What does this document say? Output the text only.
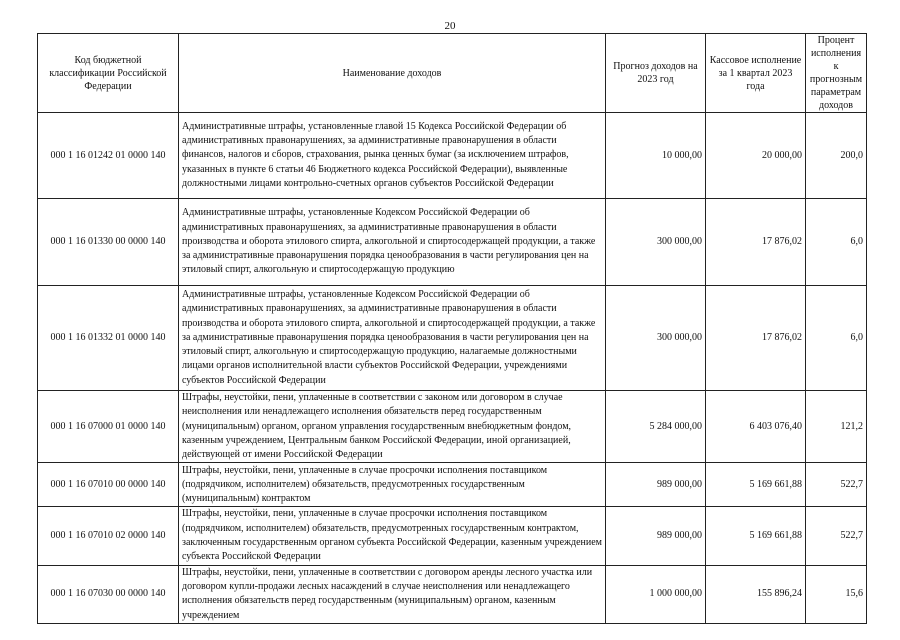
20
Код бюджетной классификации Российской Федерации	Наименование доходов	Прогноз доходов на 2023 год	Кассовое исполнение за 1 квартал 2023 года	Процент исполнения к прогнозным параметрам доходов
000 1 16 01242 01 0000 140	Административные штрафы, установленные главой 15 Кодекса Российской Федерации об административных правонарушениях, за административные правонарушения в области финансов, налогов и сборов, страхования, рынка ценных бумаг (за исключением штрафов, указанных в пункте 6 статьи 46 Бюджетного кодекса Российской Федерации), выявленные должностными лицами контрольно-счетных органов субъектов Российской Федерации	10 000,00	20 000,00	200,0
000 1 16 01330 00 0000 140	Административные штрафы, установленные Кодексом Российской Федерации об административных правонарушениях, за административные правонарушения в области производства и оборота этилового спирта, алкогольной и спиртосодержащей продукции, а также за административные правонарушения порядка ценообразования в части регулирования цен на этиловый спирт, алкогольную и спиртосодержащую продукцию	300 000,00	17 876,02	6,0
000 1 16 01332 01 0000 140	Административные штрафы, установленные Кодексом Российской Федерации об административных правонарушениях, за административные правонарушения в области производства и оборота этилового спирта, алкогольной и спиртосодержащей продукции, а также за административные правонарушения порядка ценообразования в части регулирования цен на этиловый спирт, алкогольную и спиртосодержащую продукцию, налагаемые должностными лицами органов исполнительной власти субъектов Российской Федерации, учреждениями субъектов Российской Федерации	300 000,00	17 876,02	6,0
000 1 16 07000 01 0000 140	Штрафы, неустойки, пени, уплаченные в соответствии с законом или договором в случае неисполнения или ненадлежащего исполнения обязательств перед государственным (муниципальным) органом, органом управления государственным внебюджетным фондом, казенным учреждением, Центральным банком Российской Федерации, иной организацией, действующей от имени Российской Федерации	5 284 000,00	6 403 076,40	121,2
000 1 16 07010 00 0000 140	Штрафы, неустойки, пени, уплаченные в случае просрочки исполнения поставщиком (подрядчиком, исполнителем) обязательств, предусмотренных государственным (муниципальным) контрактом	989 000,00	5 169 661,88	522,7
000 1 16 07010 02 0000 140	Штрафы, неустойки, пени, уплаченные в случае просрочки исполнения поставщиком (подрядчиком, исполнителем) обязательств, предусмотренных государственным контрактом, заключенным государственным органом субъекта Российской Федерации, казенным учреждением субъекта Российской Федерации	989 000,00	5 169 661,88	522,7
000 1 16 07030 00 0000 140	Штрафы, неустойки, пени, уплаченные в соответствии с договором аренды лесного участка или договором купли-продажи лесных насаждений в случае неисполнения или ненадлежащего исполнения обязательств перед государственным (муниципальным) органом, казенным учреждением	1 000 000,00	155 896,24	15,6
